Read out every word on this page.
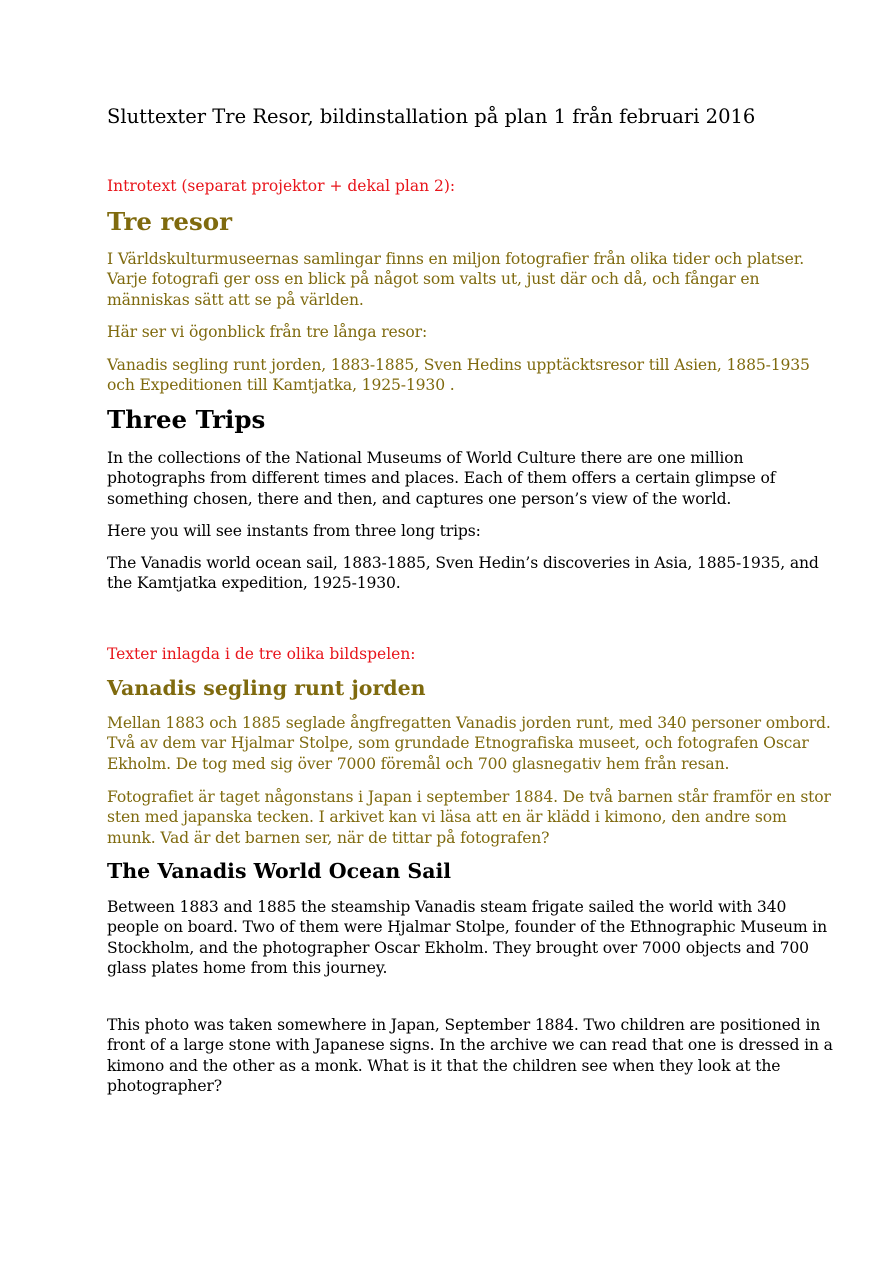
Sluttexter Tre Resor, bildinstallation på plan 1 från februari 2016

Introtext (separat projektor + dekal plan 2):

Tre resor
I Världskulturmuseernas samlingar finns en miljon fotografier från olika tider och platser.
Varje fotografi ger oss en blick på något som valts ut, just där och då, och fångar en
människas sätt att se på världen.
Här ser vi ögonblick från tre långa resor:
Vanadis segling runt jorden, 1883-1885, Sven Hedins upptäcktsresor till Asien, 1885-1935
och Expeditionen till Kamtjatka, 1925-1930 .
Three Trips
In the collections of the National Museums of World Culture there are one million
photographs from different times and places. Each of them offers a certain glimpse of
something chosen, there and then, and captures one person’s view of the world.
Here you will see instants from three long trips:
The Vanadis world ocean sail, 1883-1885, Sven Hedin’s discoveries in Asia, 1885-1935, and
the Kamtjatka expedition, 1925-1930.

Texter inlagda i de tre olika bildspelen:

Vanadis segling runt jorden
Mellan 1883 och 1885 seglade ångfregatten Vanadis jorden runt, med 340 personer ombord.
Två av dem var Hjalmar Stolpe, som grundade Etnografiska museet, och fotografen Oscar
Ekholm. De tog med sig över 7000 föremål och 700 glasnegativ hem från resan.
Fotografiet är taget någonstans i Japan i september 1884. De två barnen står framför en stor
sten med japanska tecken. I arkivet kan vi läsa att en är klädd i kimono, den andre som
munk. Vad är det barnen ser, när de tittar på fotografen?
The Vanadis World Ocean Sail
Between 1883 and 1885 the steamship Vanadis steam frigate sailed the world with 340
people on board. Two of them were Hjalmar Stolpe, founder of the Ethnographic Museum in
Stockholm, and the photographer Oscar Ekholm. They brought over 7000 objects and 700
glass plates home from this journey.
This photo was taken somewhere in Japan, September 1884. Two children are positioned in
front of a large stone with Japanese signs. In the archive we can read that one is dressed in a
kimono and the other as a monk. What is it that the children see when they look at the
photographer?
